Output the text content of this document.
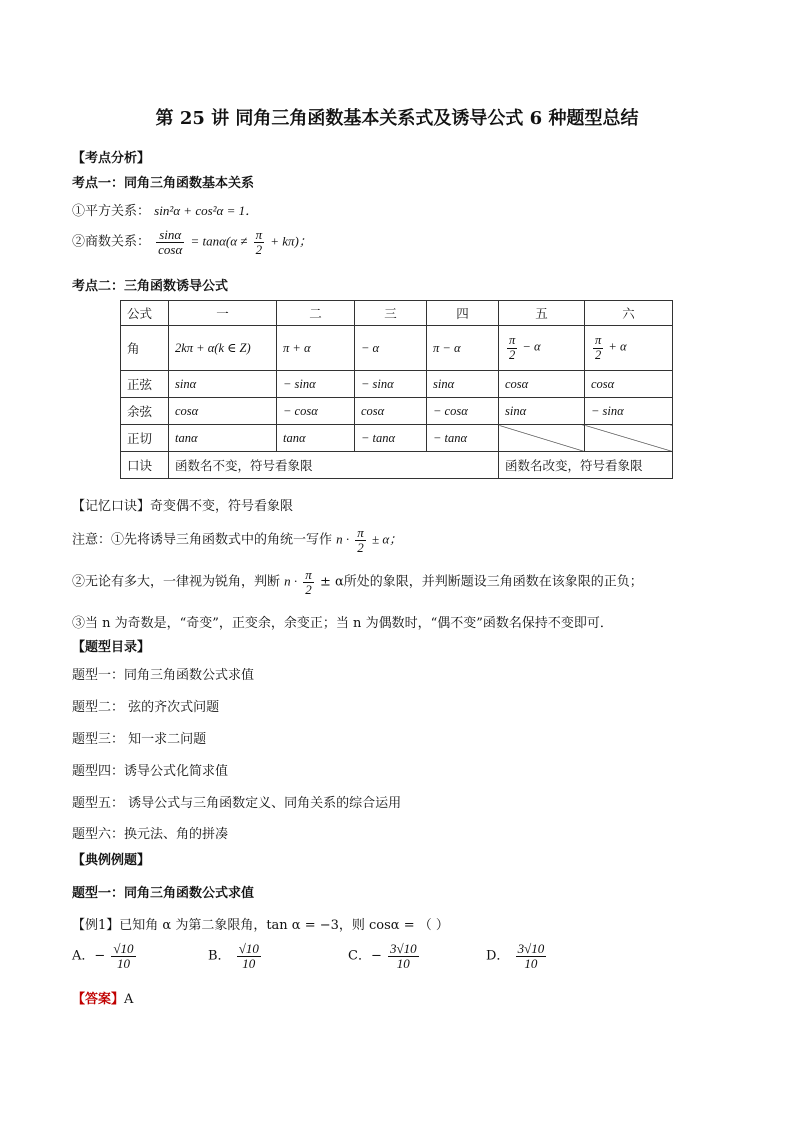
第 25 讲 同角三角函数基本关系式及诱导公式 6 种题型总结
【考点分析】
考点一：同角三角函数基本关系
①平方关系： sin²α + cos²α = 1．
②商数关系： $\frac{\sin\alpha}{\cos\alpha} = \tan\alpha(\alpha \ne \frac{\pi}{2} + k\pi)$；
考点二：三角函数诱导公式
公式	一	二	三	四	五	六
角	2kπ + α(k ∈ Z)	π + α	− α	π − α	$\frac{\pi}{2} - \alpha$	$\frac{\pi}{2} + \alpha$
正弦	sinα	− sinα	− sinα	sinα	cosα	cosα
余弦	cosα	− cosα	cosα	− cosα	sinα	− sinα
正切	tanα	tanα	− tanα	− tanα		
口诀	函数名不变，符号看象限				函数名改变，符号看象限	
【记忆口诀】奇变偶不变，符号看象限
注意：①先将诱导三角函数式中的角统一写作 $n \cdot \frac{\pi}{2} \pm \alpha$；
②无论有多大，一律视为锐角，判断 $n \cdot \frac{\pi}{2} \pm \alpha$所处的象限，并判断题设三角函数在该象限的正负；
③当 n 为奇数是，“奇变”，正变余，余变正；当 n 为偶数时，“偶不变”函数名保持不变即可．
【题型目录】
题型一：同角三角函数公式求值
题型二： 弦的齐次式问题
题型三： 知一求二问题
题型四：诱导公式化简求值
题型五： 诱导公式与三角函数定义、同角关系的综合运用
题型六：换元法、角的拼凑
【典例例题】
题型一：同角三角函数公式求值
【例1】已知角 α 为第二象限角，tan α = −3，则 cosα = （ ）
A．− $\frac{√10}{10}$	B． $\frac{√10}{10}$	C．− $\frac{3√10}{10}$	D． $\frac{3√10}{10}$
【答案】A
